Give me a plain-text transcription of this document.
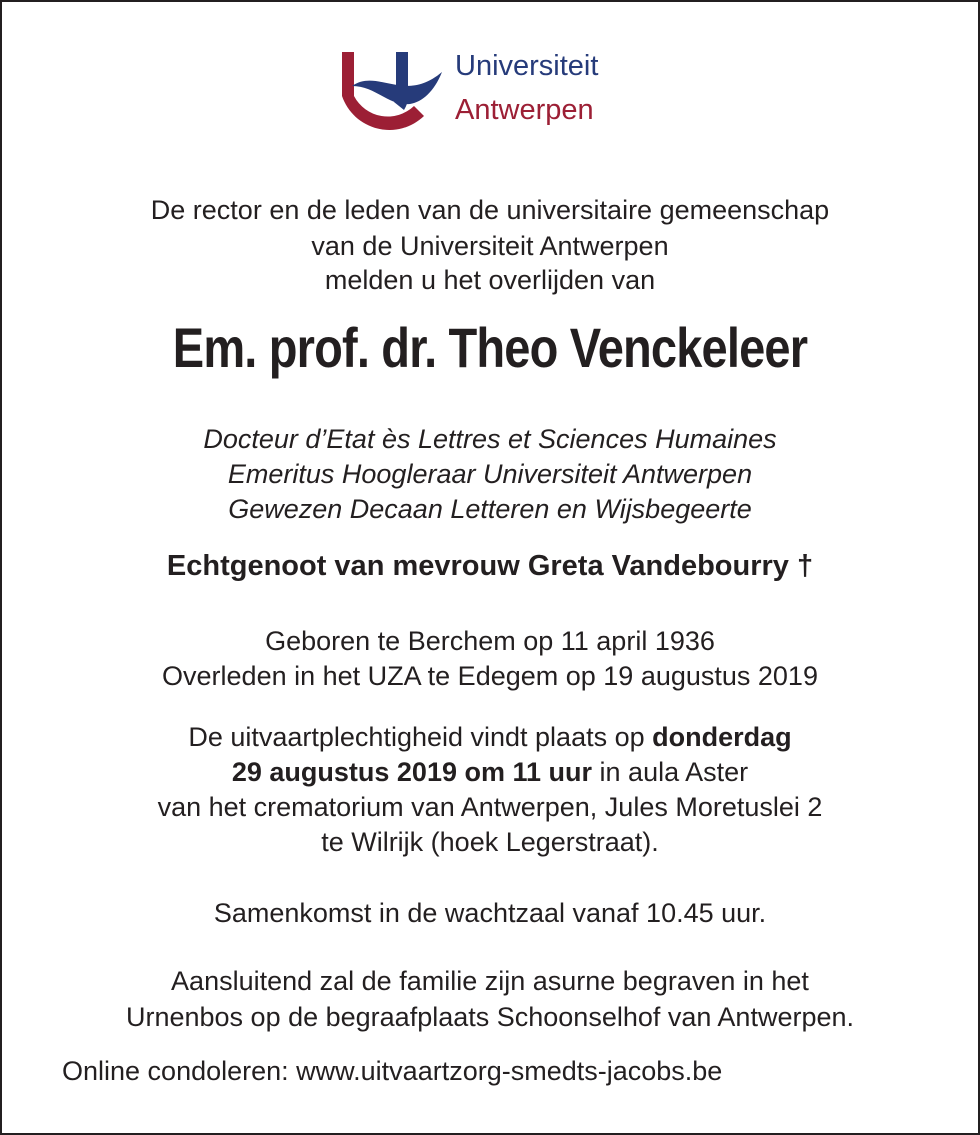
Universiteit
Antwerpen
De rector en de leden van de universitaire gemeenschap
van de Universiteit Antwerpen
melden u het overlijden van
Em. prof. dr. Theo Venckeleer
Docteur d’Etat ès Lettres et Sciences Humaines
Emeritus Hoogleraar Universiteit Antwerpen
Gewezen Decaan Letteren en Wijsbegeerte
Echtgenoot van mevrouw Greta Vandebourry †
Geboren te Berchem op 11 april 1936
Overleden in het UZA te Edegem op 19 augustus 2019
De uitvaartplechtigheid vindt plaats op donderdag
29 augustus 2019 om 11 uur in aula Aster
van het crematorium van Antwerpen, Jules Moretuslei 2
te Wilrijk (hoek Legerstraat).
Samenkomst in de wachtzaal vanaf 10.45 uur.
Aansluitend zal de familie zijn asurne begraven in het
Urnenbos op de begraafplaats Schoonselhof van Antwerpen.
Online condoleren: www.uitvaartzorg-smedts-jacobs.be
